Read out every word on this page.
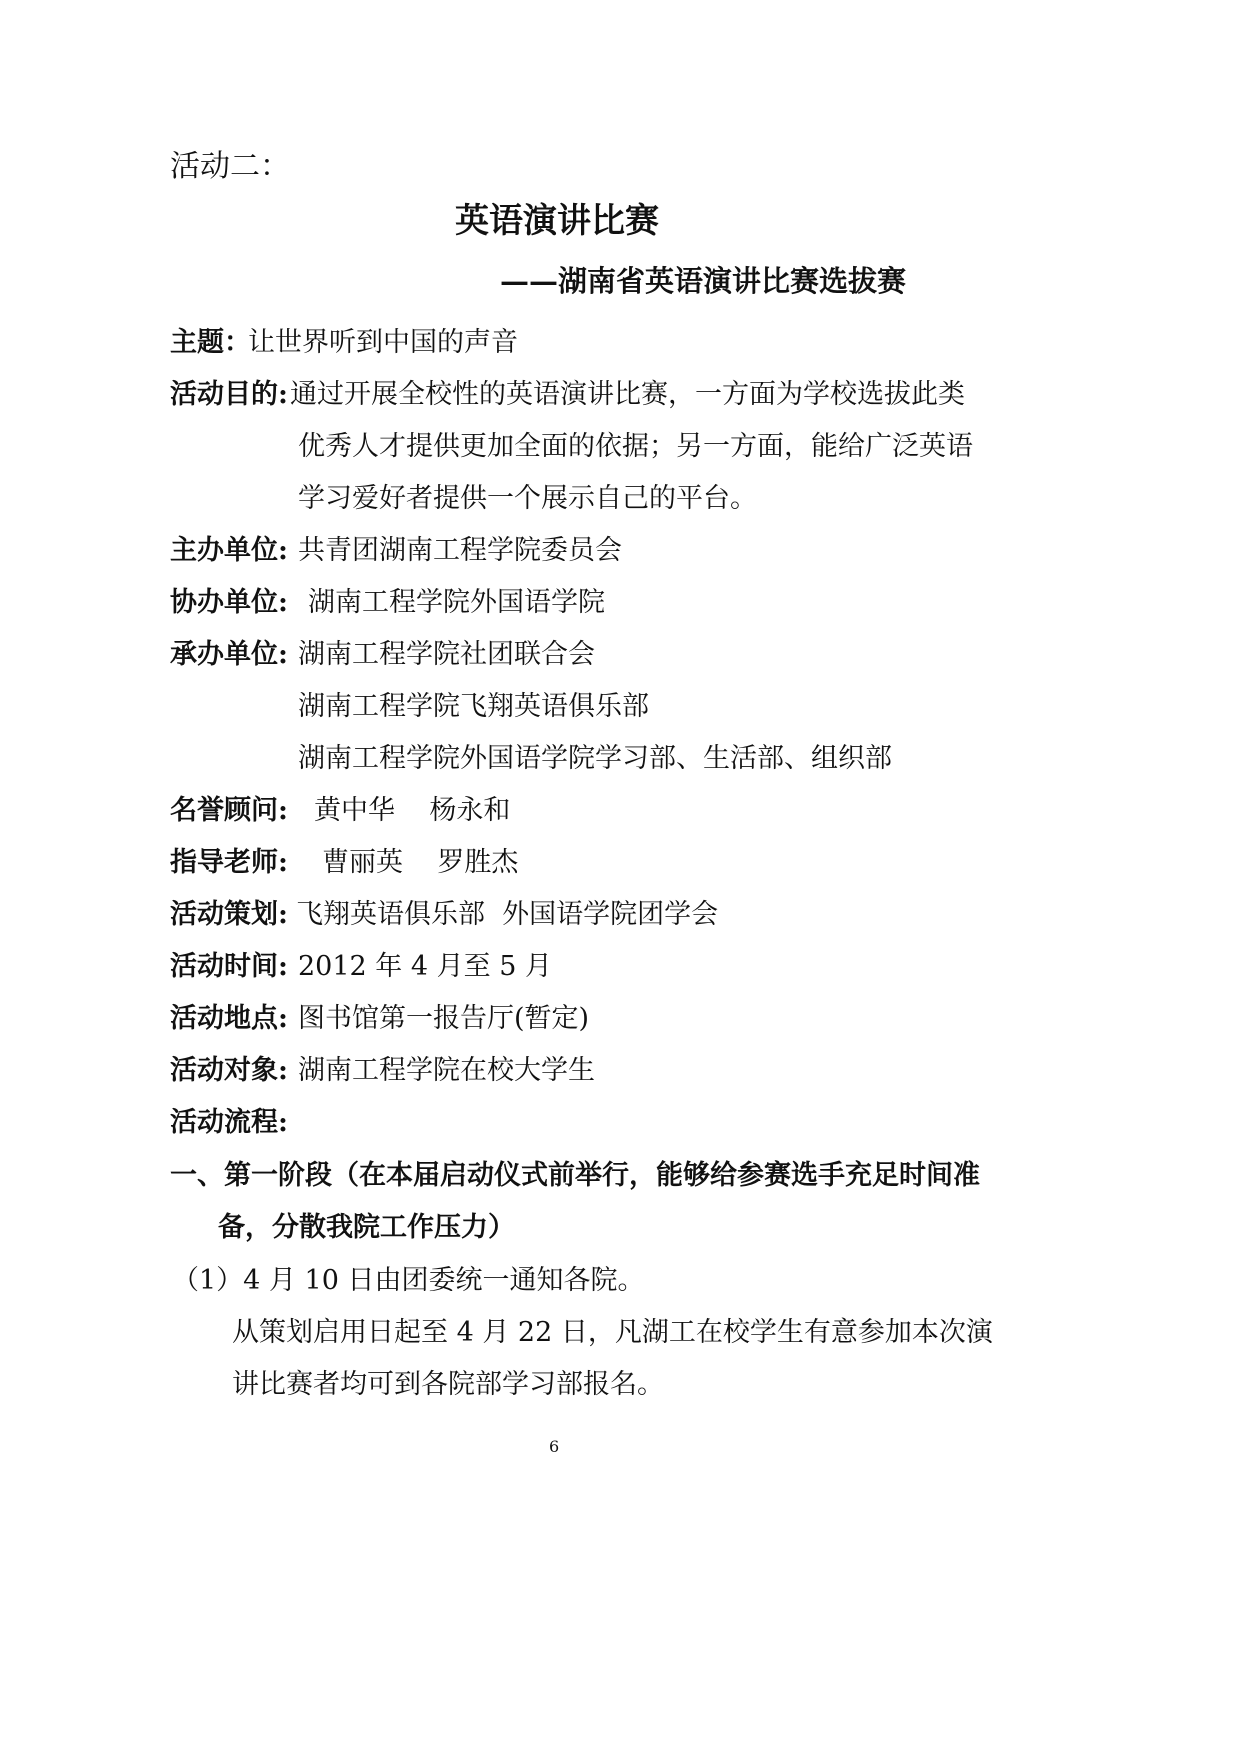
活动二：
英语演讲比赛
——湖南省英语演讲比赛选拔赛
主题：
让世界听到中国的声音
活动目的: 通过开展全校性的英语演讲比赛，一方面为学校选拔此类
优秀人才提供更加全面的依据；另一方面，能给广泛英语
学习爱好者提供一个展示自己的平台。
主办单位: 共青团湖南工程学院委员会
协办单位: 湖南工程学院外国语学院
承办单位: 湖南工程学院社团联合会
湖南工程学院飞翔英语俱乐部
湖南工程学院外国语学院学习部、生活部、组织部
名誉顾问: 黄中华    杨永和
指导老师: 曹丽英    罗胜杰
活动策划: 飞翔英语俱乐部  外国语学院团学会
活动时间: 2012 年 4 月至 5 月
活动地点: 图书馆第一报告厅(暂定)
活动对象: 湖南工程学院在校大学生
活动流程:
一、第一阶段（在本届启动仪式前举行，能够给参赛选手充足时间准
备，分散我院工作压力）
（1）4 月 10 日由团委统一通知各院。
从策划启用日起至 4 月 22 日，凡湖工在校学生有意参加本次演
讲比赛者均可到各院部学习部报名。
6
